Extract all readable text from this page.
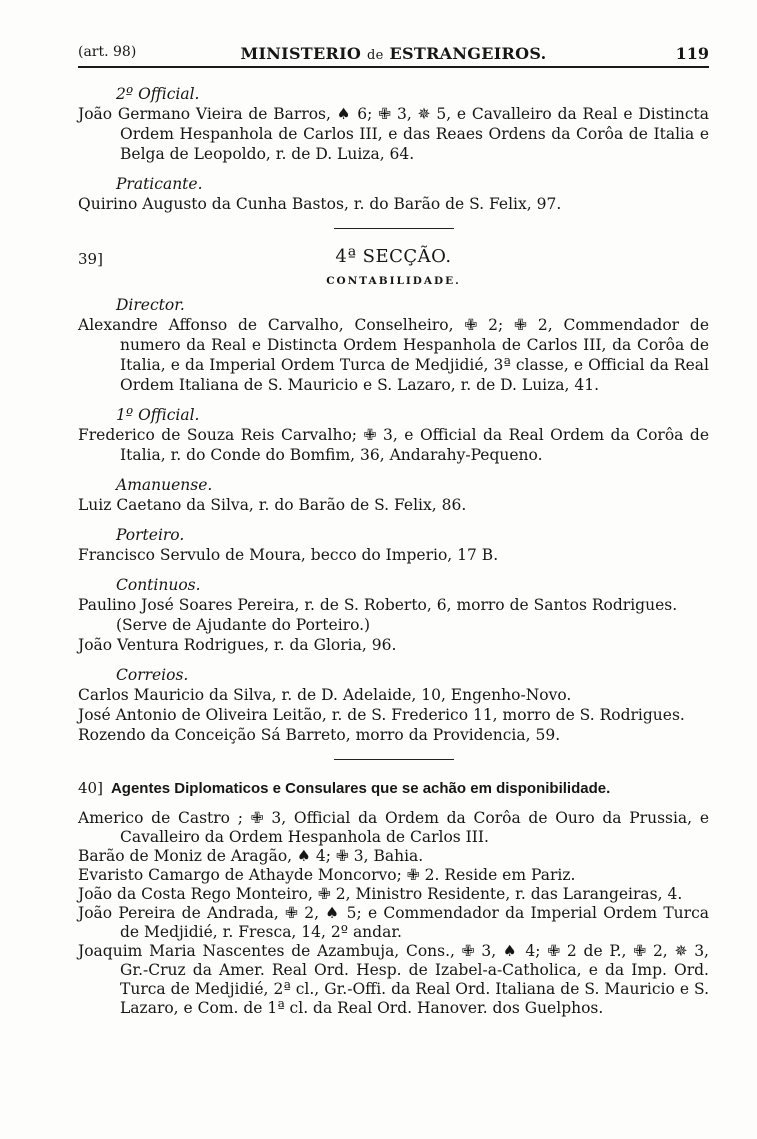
(art. 98)	MINISTERIO de ESTRANGEIROS.	119
2º Official.
João Germano Vieira de Barros, ♠ 6; ✙ 3, ✵ 5, e Cavalleiro da Real e Distincta Ordem Hespanhola de Carlos III, e das Reaes Ordens da Corôa de Italia e Belga de Leopoldo, r. de D. Luiza, 64.
Praticante.
Quirino Augusto da Cunha Bastos, r. do Barão de S. Felix, 97.
39]	4ª SECÇÃO.
CONTABILIDADE.
Director.
Alexandre Affonso de Carvalho, Conselheiro, ✙ 2; ✙ 2, Commendador de numero da Real e Distincta Ordem Hespanhola de Carlos III, da Corôa de Italia, e da Imperial Ordem Turca de Medjidié, 3ª classe, e Official da Real Ordem Italiana de S. Mauricio e S. Lazaro, r. de D. Luiza, 41.
1º Official.
Frederico de Souza Reis Carvalho; ✙ 3, e Official da Real Ordem da Corôa de Italia, r. do Conde do Bomfim, 36, Andarahy-Pequeno.
Amanuense.
Luiz Caetano da Silva, r. do Barão de S. Felix, 86.
Porteiro.
Francisco Servulo de Moura, becco do Imperio, 17 B.
Continuos.
Paulino José Soares Pereira, r. de S. Roberto, 6, morro de Santos Rodrigues.
(Serve de Ajudante do Porteiro.)
João Ventura Rodrigues, r. da Gloria, 96.
Correios.
Carlos Mauricio da Silva, r. de D. Adelaide, 10, Engenho-Novo.
José Antonio de Oliveira Leitão, r. de S. Frederico 11, morro de S. Rodrigues.
Rozendo da Conceição Sá Barreto, morro da Providencia, 59.
40] Agentes Diplomaticos e Consulares que se achão em disponibilidade.
Americo de Castro ; ✙ 3, Official da Ordem da Corôa de Ouro da Prussia, e Cavalleiro da Ordem Hespanhola de Carlos III.
Barão de Moniz de Aragão, ♠ 4; ✙ 3, Bahia.
Evaristo Camargo de Athayde Moncorvo; ✙ 2. Reside em Pariz.
João da Costa Rego Monteiro, ✙ 2, Ministro Residente, r. das Larangeiras, 4.
João Pereira de Andrada, ✙ 2, ♠ 5; e Commendador da Imperial Ordem Turca de Medjidié, r. Fresca, 14, 2º andar.
Joaquim Maria Nascentes de Azambuja, Cons., ✙ 3, ♠ 4; ✙ 2 de P., ✙ 2, ✵ 3, Gr.-Cruz da Amer. Real Ord. Hesp. de Izabel-a-Catholica, e da Imp. Ord. Turca de Medjidié, 2ª cl., Gr.-Offi. da Real Ord. Italiana de S. Mauricio e S. Lazaro, e Com. de 1ª cl. da Real Ord. Hanover. dos Guelphos.
